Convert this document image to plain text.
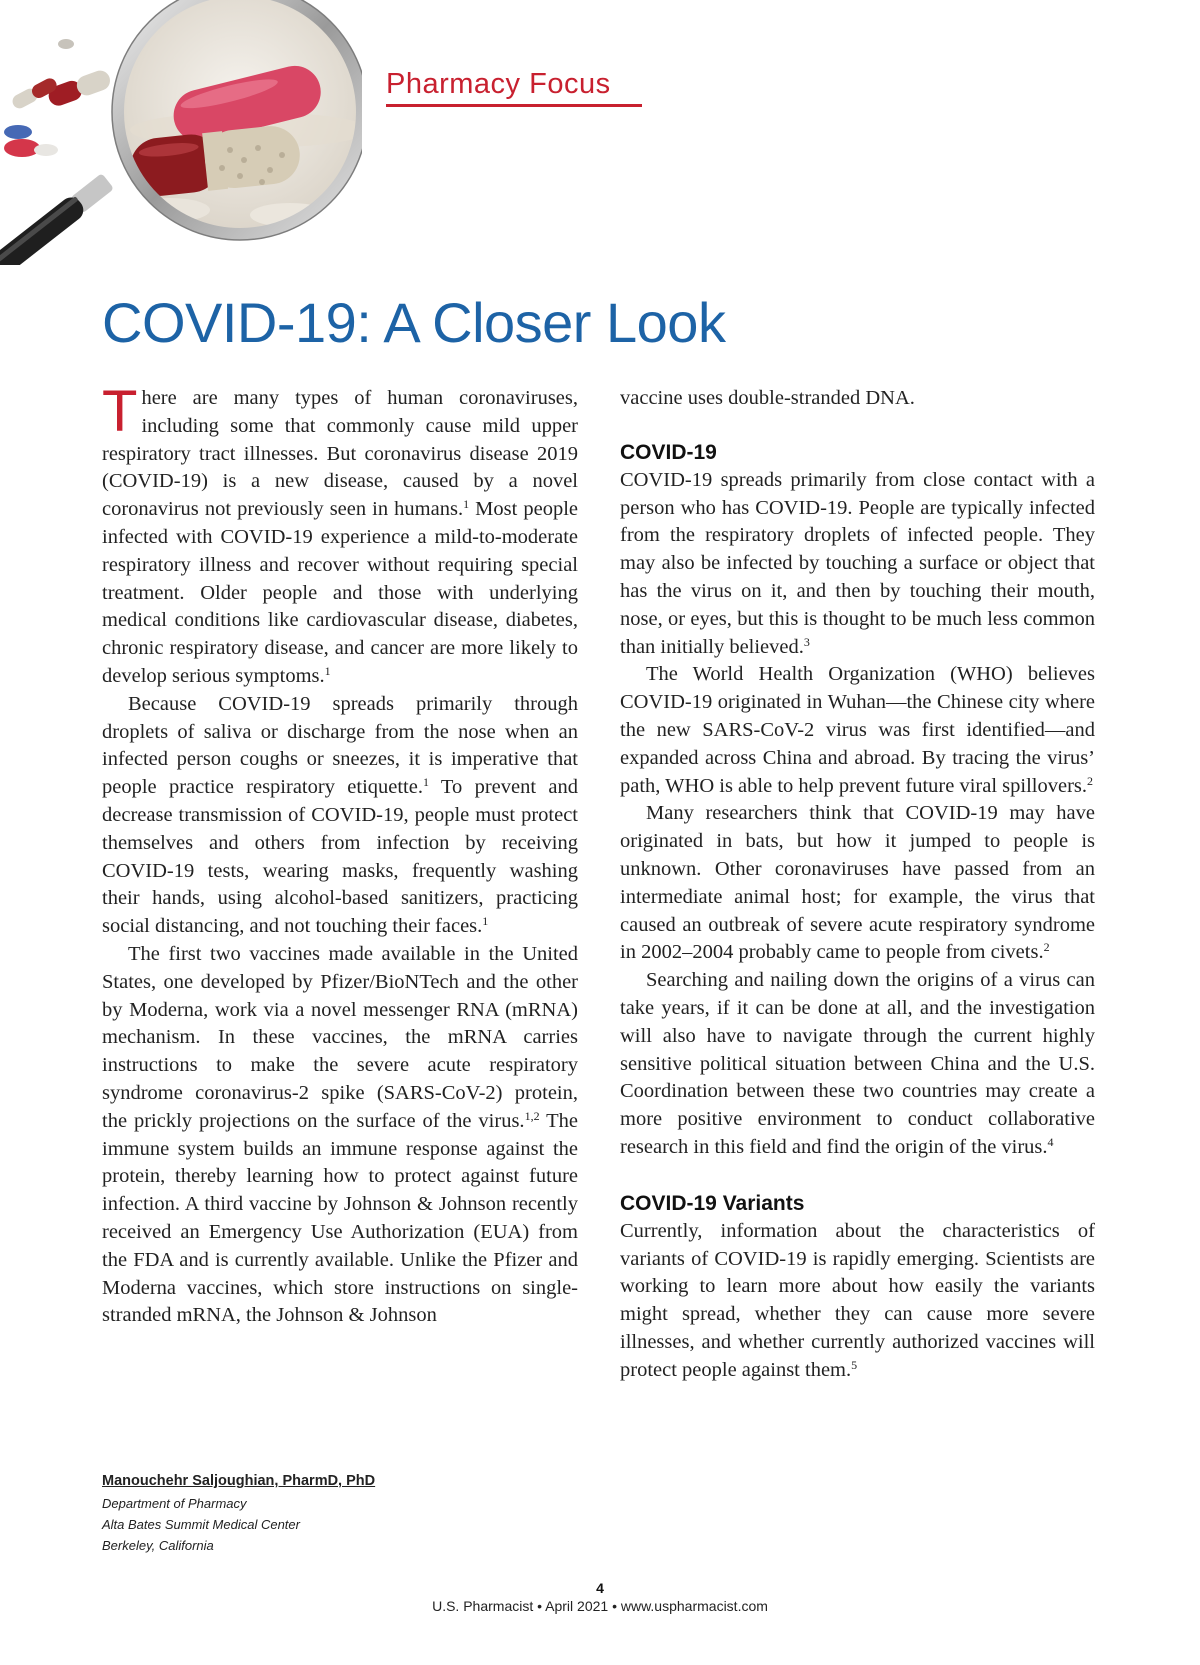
Pharmacy Focus
COVID-19: A Closer Look

There are many types of human coronaviruses, including some that commonly cause mild upper respiratory tract illnesses. But coronavirus disease 2019 (COVID-19) is a new disease, caused by a novel coronavirus not previously seen in humans.$^1$ Most people infected with COVID-19 experience a mild-to-moderate respiratory illness and recover without requiring special treatment. Older people and those with underlying medical conditions like cardiovascular disease, diabetes, chronic respiratory disease, and cancer are more likely to develop serious symptoms.$^1$

Because COVID-19 spreads primarily through droplets of saliva or discharge from the nose when an infected person coughs or sneezes, it is imperative that people practice respiratory etiquette.$^1$ To prevent and decrease transmission of COVID-19, people must protect themselves and others from infection by receiving COVID-19 tests, wearing masks, frequently washing their hands, using alcohol-based sanitizers, practicing social distancing, and not touching their faces.$^1$

The first two vaccines made available in the United States, one developed by Pfizer/BioNTech and the other by Moderna, work via a novel messenger RNA (mRNA) mechanism. In these vaccines, the mRNA carries instructions to make the severe acute respiratory syndrome coronavirus-2 spike (SARS-CoV-2) protein, the prickly projections on the surface of the virus.$^{1,2}$ The immune system builds an immune response against the protein, thereby learning how to protect against future infection. A third vaccine by Johnson & Johnson recently received an Emergency Use Authorization (EUA) from the FDA and is currently available. Unlike the Pfizer and Moderna vaccines, which store instructions on single-stranded mRNA, the Johnson & Johnson

vaccine uses double-stranded DNA.

COVID-19

COVID-19 spreads primarily from close contact with a person who has COVID-19. People are typically infected from the respiratory droplets of infected people. They may also be infected by touching a surface or object that has the virus on it, and then by touching their mouth, nose, or eyes, but this is thought to be much less common than initially believed.$^3$

The World Health Organization (WHO) believes COVID-19 originated in Wuhan—the Chinese city where the new SARS-CoV-2 virus was first identified—and expanded across China and abroad. By tracing the virus’ path, WHO is able to help prevent future viral spillovers.$^2$

Many researchers think that COVID-19 may have originated in bats, but how it jumped to people is unknown. Other coronaviruses have passed from an intermediate animal host; for example, the virus that caused an outbreak of severe acute respiratory syndrome in 2002–2004 probably came to people from civets.$^2$

Searching and nailing down the origins of a virus can take years, if it can be done at all, and the investigation will also have to navigate through the current highly sensitive political situation between China and the U.S. Coordination between these two countries may create a more positive environment to conduct collaborative research in this field and find the origin of the virus.$^4$

COVID-19 Variants

Currently, information about the characteristics of variants of COVID-19 is rapidly emerging. Scientists are working to learn more about how easily the variants might spread, whether they can cause more severe illnesses, and whether currently authorized vaccines will protect people against them.$^5$

Manouchehr Saljoughian, PharmD, PhD
Department of Pharmacy
Alta Bates Summit Medical Center
Berkeley, California
4
U.S. Pharmacist • April 2021 • www.uspharmacist.com
